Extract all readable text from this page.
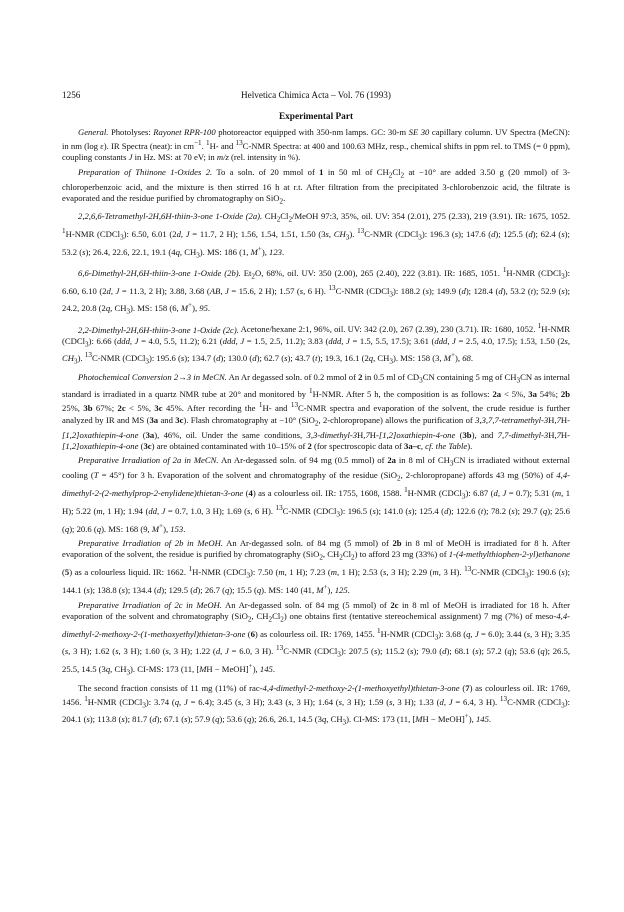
1256	Helvetica Chimica Acta – Vol. 76 (1993)
Experimental Part

General. Photolyses: Rayonet RPR-100 photoreactor equipped with 350-nm lamps. GC: 30-m SE 30 capillary column. UV Spectra (MeCN): in nm (log ε). IR Spectra (neat): in $cm^{-1}$. $^1$H- and $^{13}$C-NMR Spectra: at 400 and 100.63 MHz, resp., chemical shifts in ppm rel. to TMS (= 0 ppm), coupling constants J in Hz. MS: at 70 eV; in m/z (rel. intensity in %).

Preparation of Thiinone 1-Oxides 2. To a soln. of 20 mmol of 1 in 50 ml of $CH_2Cl_2$ at −10° are added 3.50 g (20 mmol) of 3-chloroperbenzoic acid, and the mixture is then stirred 16 h at r.t. After filtration from the precipitated 3-chlorobenzoic acid, the filtrate is evaporated and the residue purified by chromatography on SiO$_2$.

2,2,6,6-Tetramethyl-2H,6H-thiin-3-one 1-Oxide (2a). $CH_2Cl_2$/MeOH 97:3, 35%, oil. UV: 354 (2.01), 275 (2.33), 219 (3.91). IR: 1675, 1052. $^1$H-NMR (CDCl$_3$): 6.50, 6.01 (2d, J = 11.7, 2 H); 1.56, 1.54, 1.51, 1.50 (3s, $CH_3$). $^{13}$C-NMR (CDCl$_3$): 196.3 (s); 147.6 (d); 125.5 (d); 62.4 (s); 53.2 (s); 26.4, 22.6, 22.1, 19.1 (4q, $CH_3$). MS: 186 (1, M+), 123.

6,6-Dimethyl-2H,6H-thiin-3-one 1-Oxide (2b). $Et_2O$, 68%, oil. UV: 350 (2.00), 265 (2.40), 222 (3.81). IR: 1685, 1051. $^1$H-NMR (CDCl$_3$): 6.60, 6.10 (2d, J = 11.3, 2 H); 3.88, 3.68 (AB, J = 15.6, 2 H); 1.57 (s, 6 H). $^{13}$C-NMR (CDCl$_3$): 188.2 (s); 149.9 (d); 128.4 (d), 53.2 (t); 52.9 (s); 24.2, 20.8 (2q, $CH_3$). MS: 158 (6, M+), 95.

2,2-Dimethyl-2H,6H-thiin-3-one 1-Oxide (2c). Acetone/hexane 2:1, 96%, oil. UV: 342 (2.0), 267 (2.39), 230 (3.71). IR: 1680, 1052. $^1$H-NMR (CDCl$_3$): 6.66 (ddd, J = 4.0, 5.5, 11.2); 6.21 (ddd, J = 1.5, 2.5, 11.2); 3.83 (ddd, J = 1.5, 5.5, 17.5); 3.61 (ddd, J = 2.5, 4.0, 17.5); 1.53, 1.50 (2s, $CH_3$). $^{13}$C-NMR (CDCl$_3$): 195.6 (s); 134.7 (d); 130.0 (d); 62.7 (s); 43.7 (t); 19.3, 16.1 (2q, $CH_3$). MS: 158 (3, M+), 68.

Photochemical Conversion 2→3 in MeCN. An Ar degassed soln. of 0.2 mmol of 2 in 0.5 ml of $CD_3CN$ containing 5 mg of $CH_3CN$ as internal standard is irradiated in a quartz NMR tube at 20° and monitored by $^1$H-NMR. After 5 h, the composition is as follows: 2a < 5%, 3a 54%; 2b 25%, 3b 67%; 2c < 5%, 3c 45%. After recording the $^1$H- and $^{13}$C-NMR spectra and evaporation of the solvent, the crude residue is further analyzed by IR and MS (3a and 3c). Flash chromatography at −10° (SiO$_2$, 2-chloropropane) allows the purification of 3,3,7,7-tetramethyl-3H,7H-[1,2]oxathiepin-4-one (3a), 46%, oil. Under the same conditions, 3,3-dimethyl-3H,7H-[1,2]oxathiepin-4-one (3b), and 7,7-dimethyl-3H,7H-[1,2]oxathiepin-4-one (3c) are obtained contaminated with 10–15% of 2 (for spectroscopic data of 3a–c, cf. the Table).

Preparative Irradiation of 2a in MeCN. An Ar-degassed soln. of 94 mg (0.5 mmol) of 2a in 8 ml of $CH_3CN$ is irradiated without external cooling (T = 45°) for 3 h. Evaporation of the solvent and chromatography of the residue (SiO$_2$, 2-chloropropane) affords 43 mg (50%) of 4,4-dimethyl-2-(2-methylprop-2-enylidene)thietan-3-one (4) as a colourless oil. IR: 1755, 1608, 1588. $^1$H-NMR (CDCl$_3$): 6.87 (d, J = 0.7); 5.31 (m, 1 H); 5.22 (m, 1 H); 1.94 (dd, J = 0.7, 1.0, 3 H); 1.69 (s, 6 H). $^{13}$C-NMR (CDCl$_3$): 196.5 (s); 141.0 (s); 125.4 (d); 122.6 (t); 78.2 (s); 29.7 (q); 25.6 (q); 20.6 (q). MS: 168 (9, M+), 153.

Preparative Irradiation of 2b in MeOH. An Ar-degassed soln. of 84 mg (5 mmol) of 2b in 8 ml of MeOH is irradiated for 8 h. After evaporation of the solvent, the residue is purified by chromatography (SiO$_2$, $CH_2Cl_2$) to afford 23 mg (33%) of 1-(4-methylthiophen-2-yl)ethanone (5) as a colourless liquid. IR: 1662. $^1$H-NMR (CDCl$_3$): 7.50 (m, 1 H); 7.23 (m, 1 H); 2.53 (s, 3 H); 2.29 (m, 3 H). $^{13}$C-NMR (CDCl$_3$): 190.6 (s); 144.1 (s); 138.8 (s); 134.4 (d); 129.5 (d); 26.7 (q); 15.5 (q). MS: 140 (41, M+), 125.

Preparative Irradiation of 2c in MeOH. An Ar-degassed soln. of 84 mg (5 mmol) of 2c in 8 ml of MeOH is irradiated for 18 h. After evaporation of the solvent and chromatography (SiO$_2$, $CH_2Cl_2$) one obtains first (tentative stereochemical assignment) 7 mg (7%) of meso-4,4-dimethyl-2-methoxy-2-(1-methoxyethyl)thietan-3-one (6) as colourless oil. IR: 1769, 1455. $^1$H-NMR (CDCl$_3$): 3.68 (q, J = 6.0); 3.44 (s, 3 H); 3.35 (s, 3 H); 1.62 (s, 3 H); 1.60 (s, 3 H); 1.22 (d, J = 6.0, 3 H). $^{13}$C-NMR (CDCl$_3$): 207.5 (s); 115.2 (s); 79.0 (d); 68.1 (s); 57.2 (q); 53.6 (q); 26.5, 25.5, 14.5 (3q, $CH_3$). CI-MS: 173 (11, [MH − MeOH]+), 145.

The second fraction consists of 11 mg (11%) of rac-4,4-dimethyl-2-methoxy-2-(1-methoxyethyl)thietan-3-one (7) as colourless oil. IR: 1769, 1456. $^1$H-NMR (CDCl$_3$): 3.74 (q, J = 6.4); 3.45 (s, 3 H); 3.43 (s, 3 H); 1.64 (s, 3 H); 1.59 (s, 3 H); 1.33 (d, J = 6.4, 3 H). $^{13}$C-NMR (CDCl$_3$): 204.1 (s); 113.8 (s); 81.7 (d); 67.1 (s); 57.9 (q); 53.6 (q); 26.6, 26.1, 14.5 (3q, $CH_3$). CI-MS: 173 (11, [MH − MeOH]+), 145.
